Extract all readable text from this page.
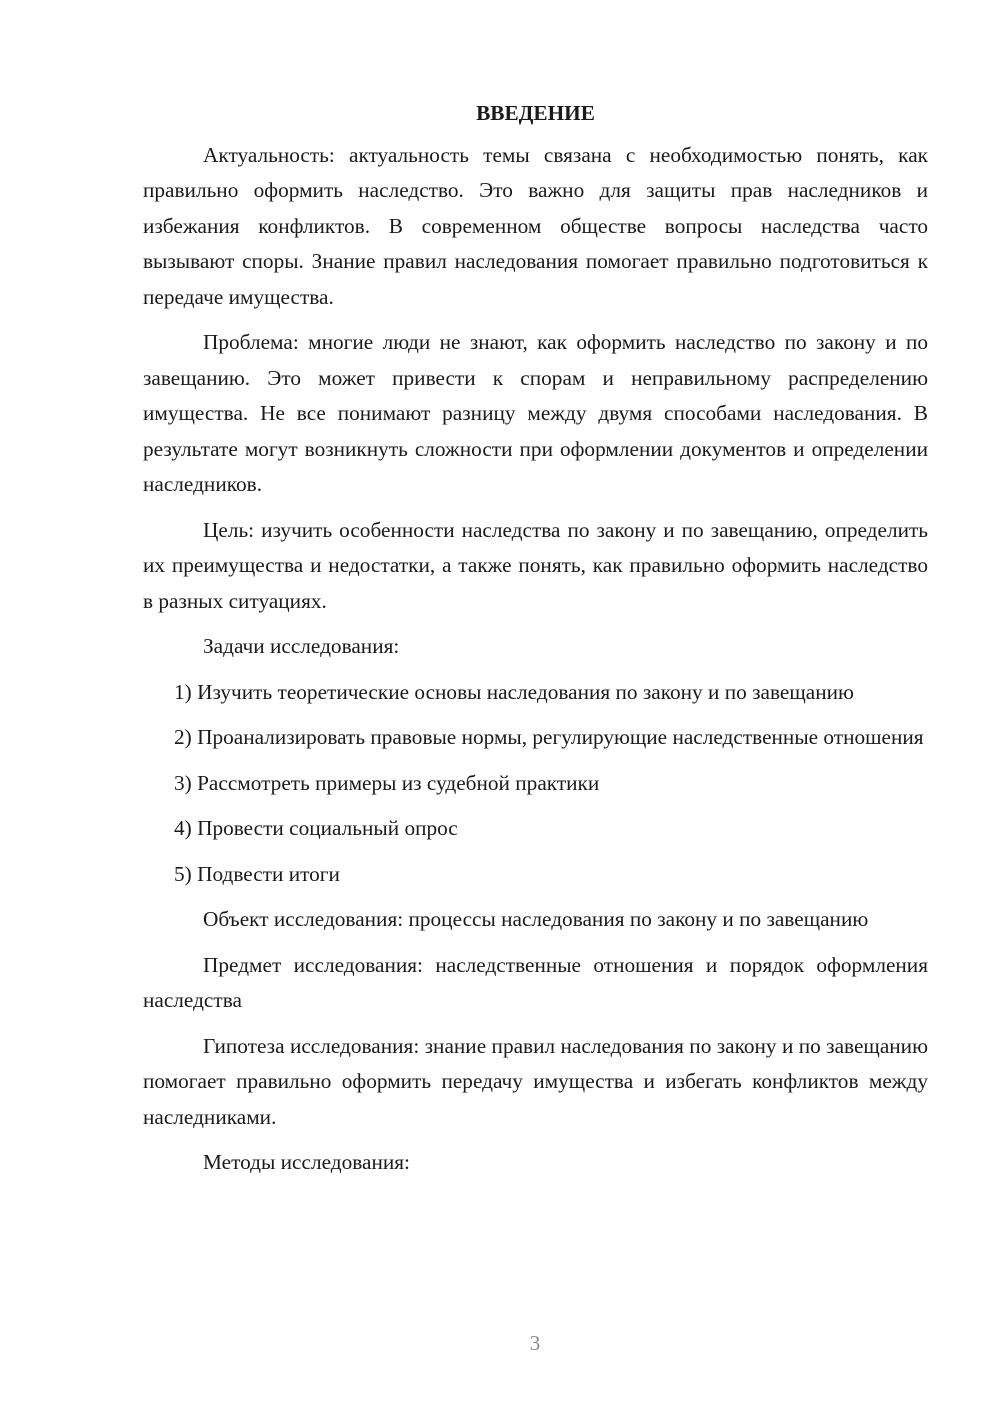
ВВЕДЕНИЕ

Актуальность: актуальность темы связана с необходимостью понять, как правильно оформить наследство. Это важно для защиты прав наследников и избежания конфликтов. В современном обществе вопросы наследства часто вызывают споры. Знание правил наследования помогает правильно подготовиться к передаче имущества.

Проблема: многие люди не знают, как оформить наследство по закону и по завещанию. Это может привести к спорам и неправильному распределению имущества. Не все понимают разницу между двумя способами наследования. В результате могут возникнуть сложности при оформлении документов и определении наследников.

Цель: изучить особенности наследства по закону и по завещанию, определить их преимущества и недостатки, а также понять, как правильно оформить наследство в разных ситуациях.

Задачи исследования:

1) Изучить теоретические основы наследования по закону и по завещанию

2) Проанализировать правовые нормы, регулирующие наследственные отношения

3) Рассмотреть примеры из судебной практики

4) Провести социальный опрос

5) Подвести итоги

Объект исследования: процессы наследования по закону и по завещанию

Предмет исследования: наследственные отношения и порядок оформления наследства

Гипотеза исследования: знание правил наследования по закону и по завещанию помогает правильно оформить передачу имущества и избегать конфликтов между наследниками.

Методы исследования:

3
